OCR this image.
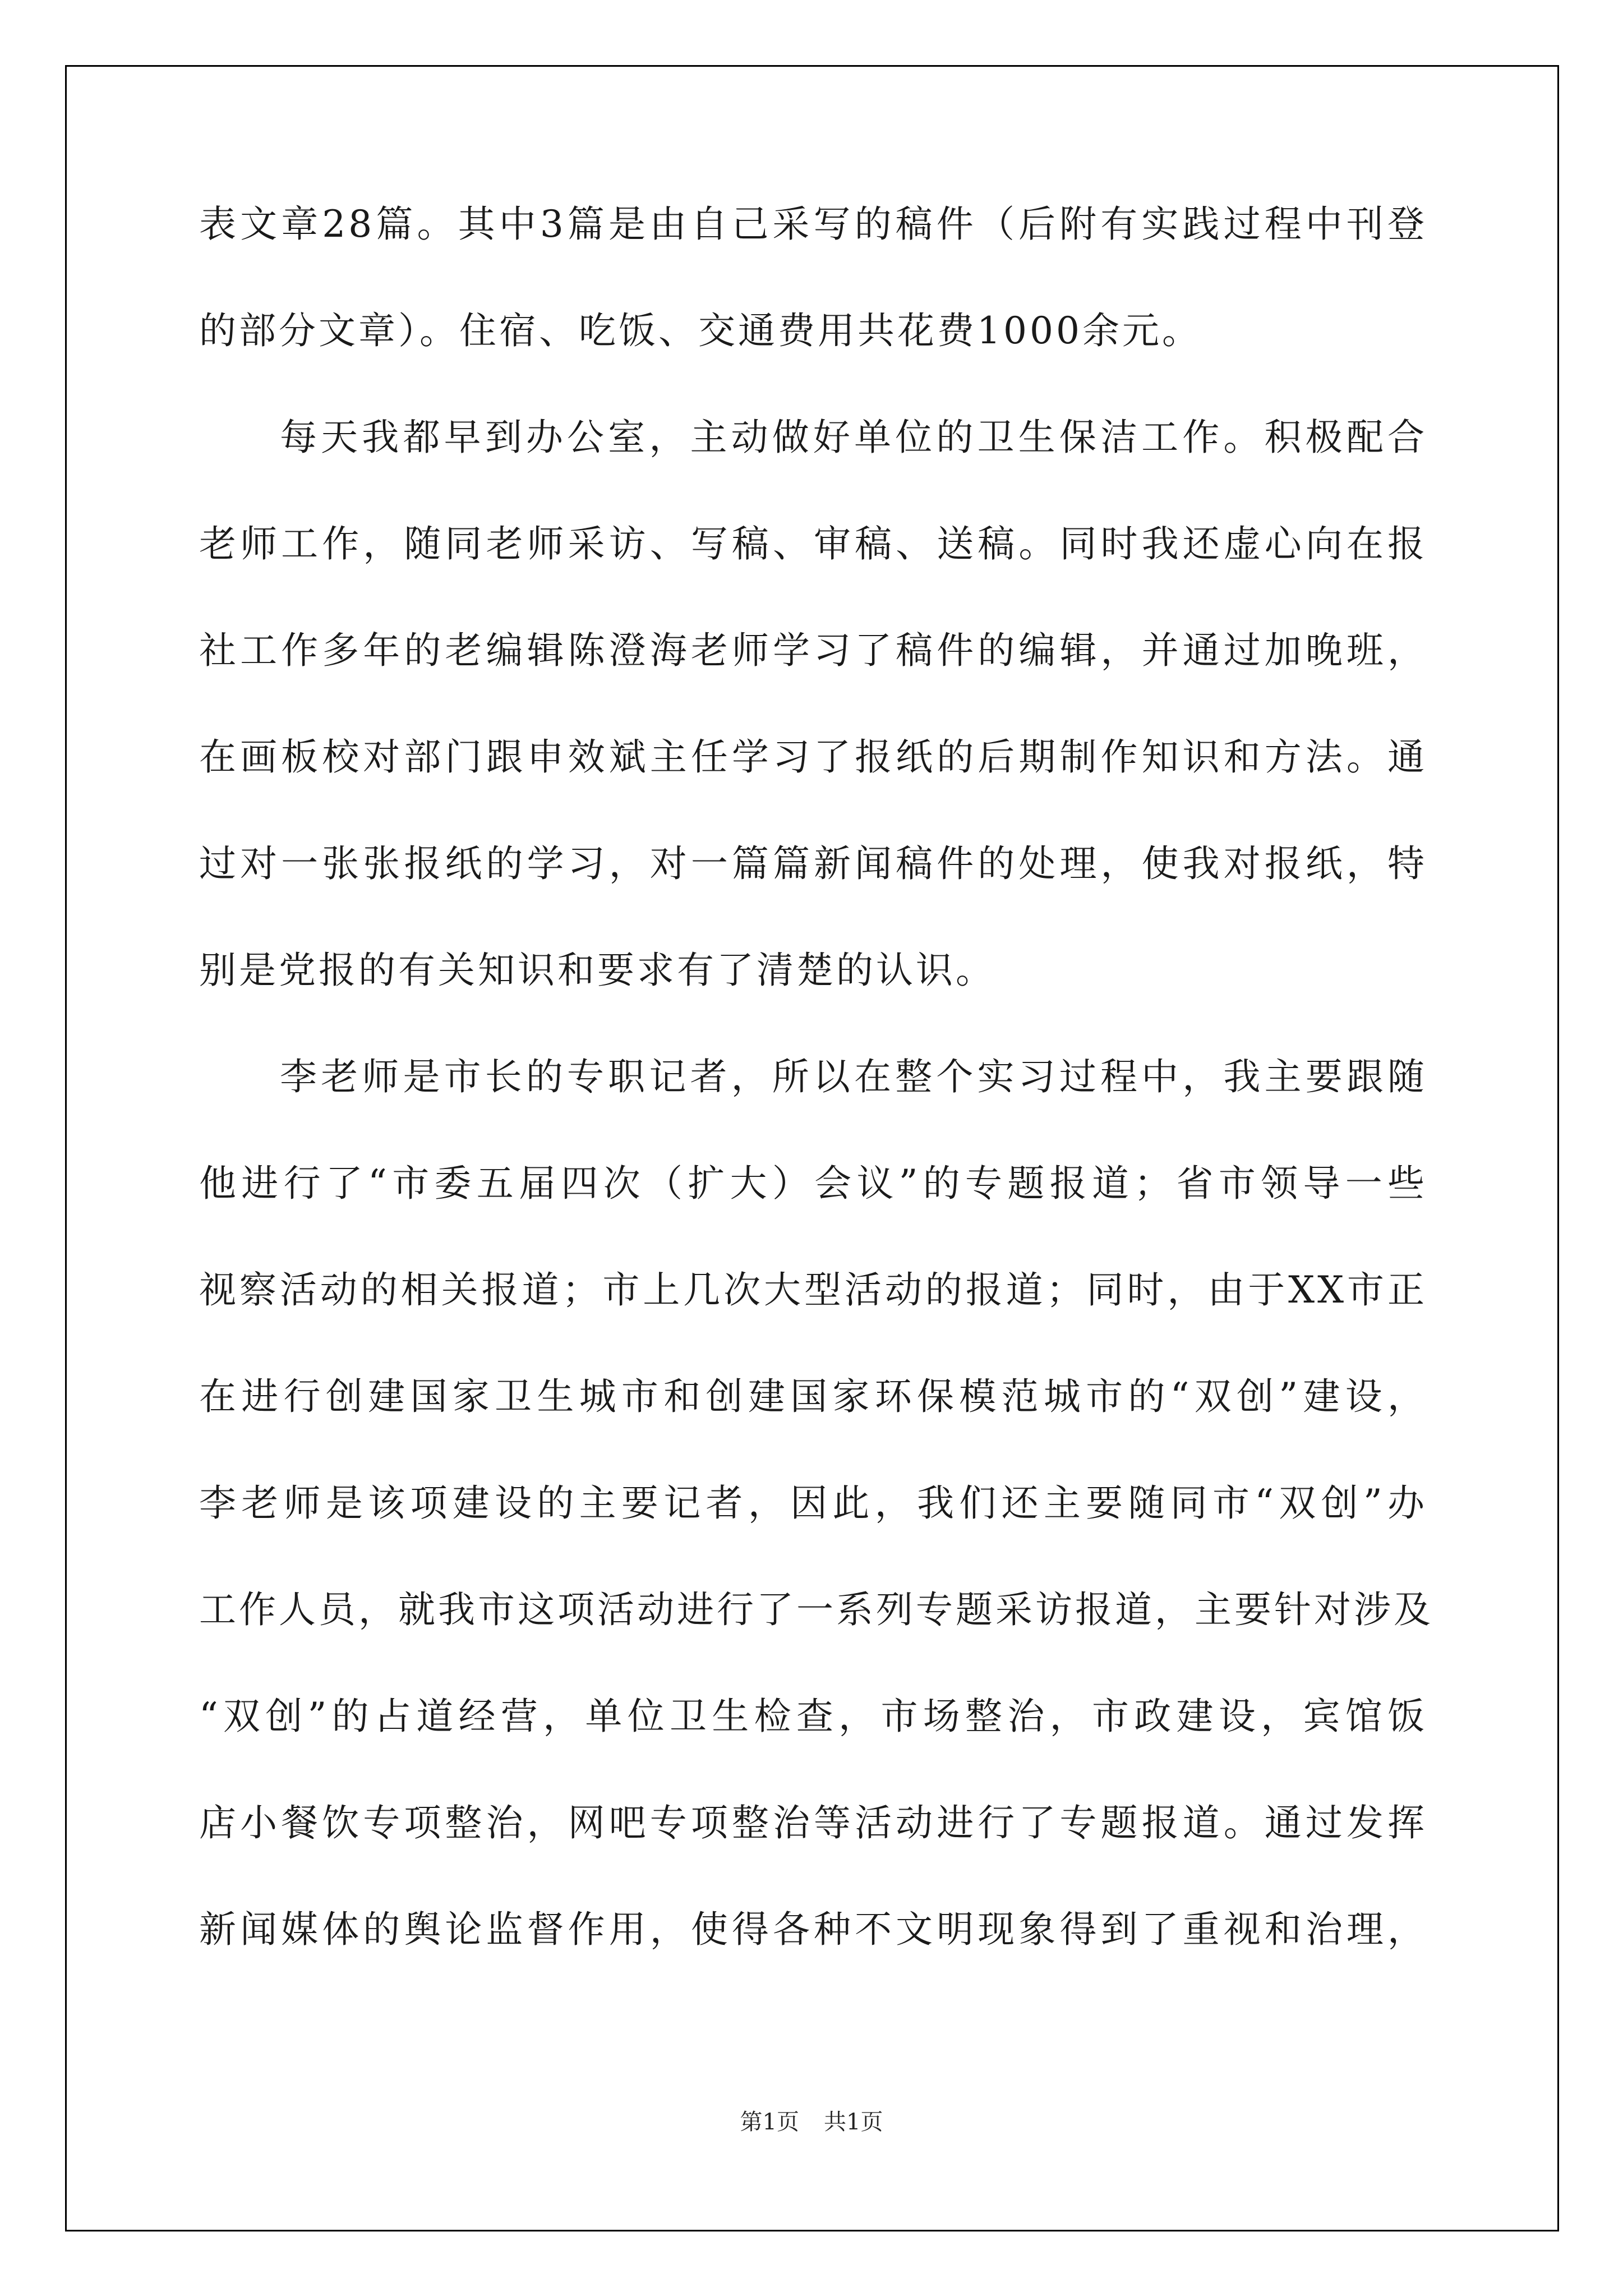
表文章28篇。其中3篇是由自己采写的稿件（后附有实践过程中刊登
的部分文章）。住宿、吃饭、交通费用共花费1000余元。
每天我都早到办公室，主动做好单位的卫生保洁工作。积极配合
老师工作，随同老师采访、写稿、审稿、送稿。同时我还虚心向在报
社工作多年的老编辑陈澄海老师学习了稿件的编辑，并通过加晚班，
在画板校对部门跟申效斌主任学习了报纸的后期制作知识和方法。通
过对一张张报纸的学习，对一篇篇新闻稿件的处理，使我对报纸，特
别是党报的有关知识和要求有了清楚的认识。
李老师是市长的专职记者，所以在整个实习过程中，我主要跟随
他进行了“市委五届四次（扩大）会议”的专题报道；省市领导一些
视察活动的相关报道；市上几次大型活动的报道；同时，由于XX市正
在进行创建国家卫生城市和创建国家环保模范城市的“双创”建设，
李老师是该项建设的主要记者，因此，我们还主要随同市“双创”办
工作人员，就我市这项活动进行了一系列专题采访报道，主要针对涉及
“双创”的占道经营，单位卫生检查，市场整治，市政建设，宾馆饭
店小餐饮专项整治，网吧专项整治等活动进行了专题报道。通过发挥
新闻媒体的舆论监督作用，使得各种不文明现象得到了重视和治理，
第1页 共1页
